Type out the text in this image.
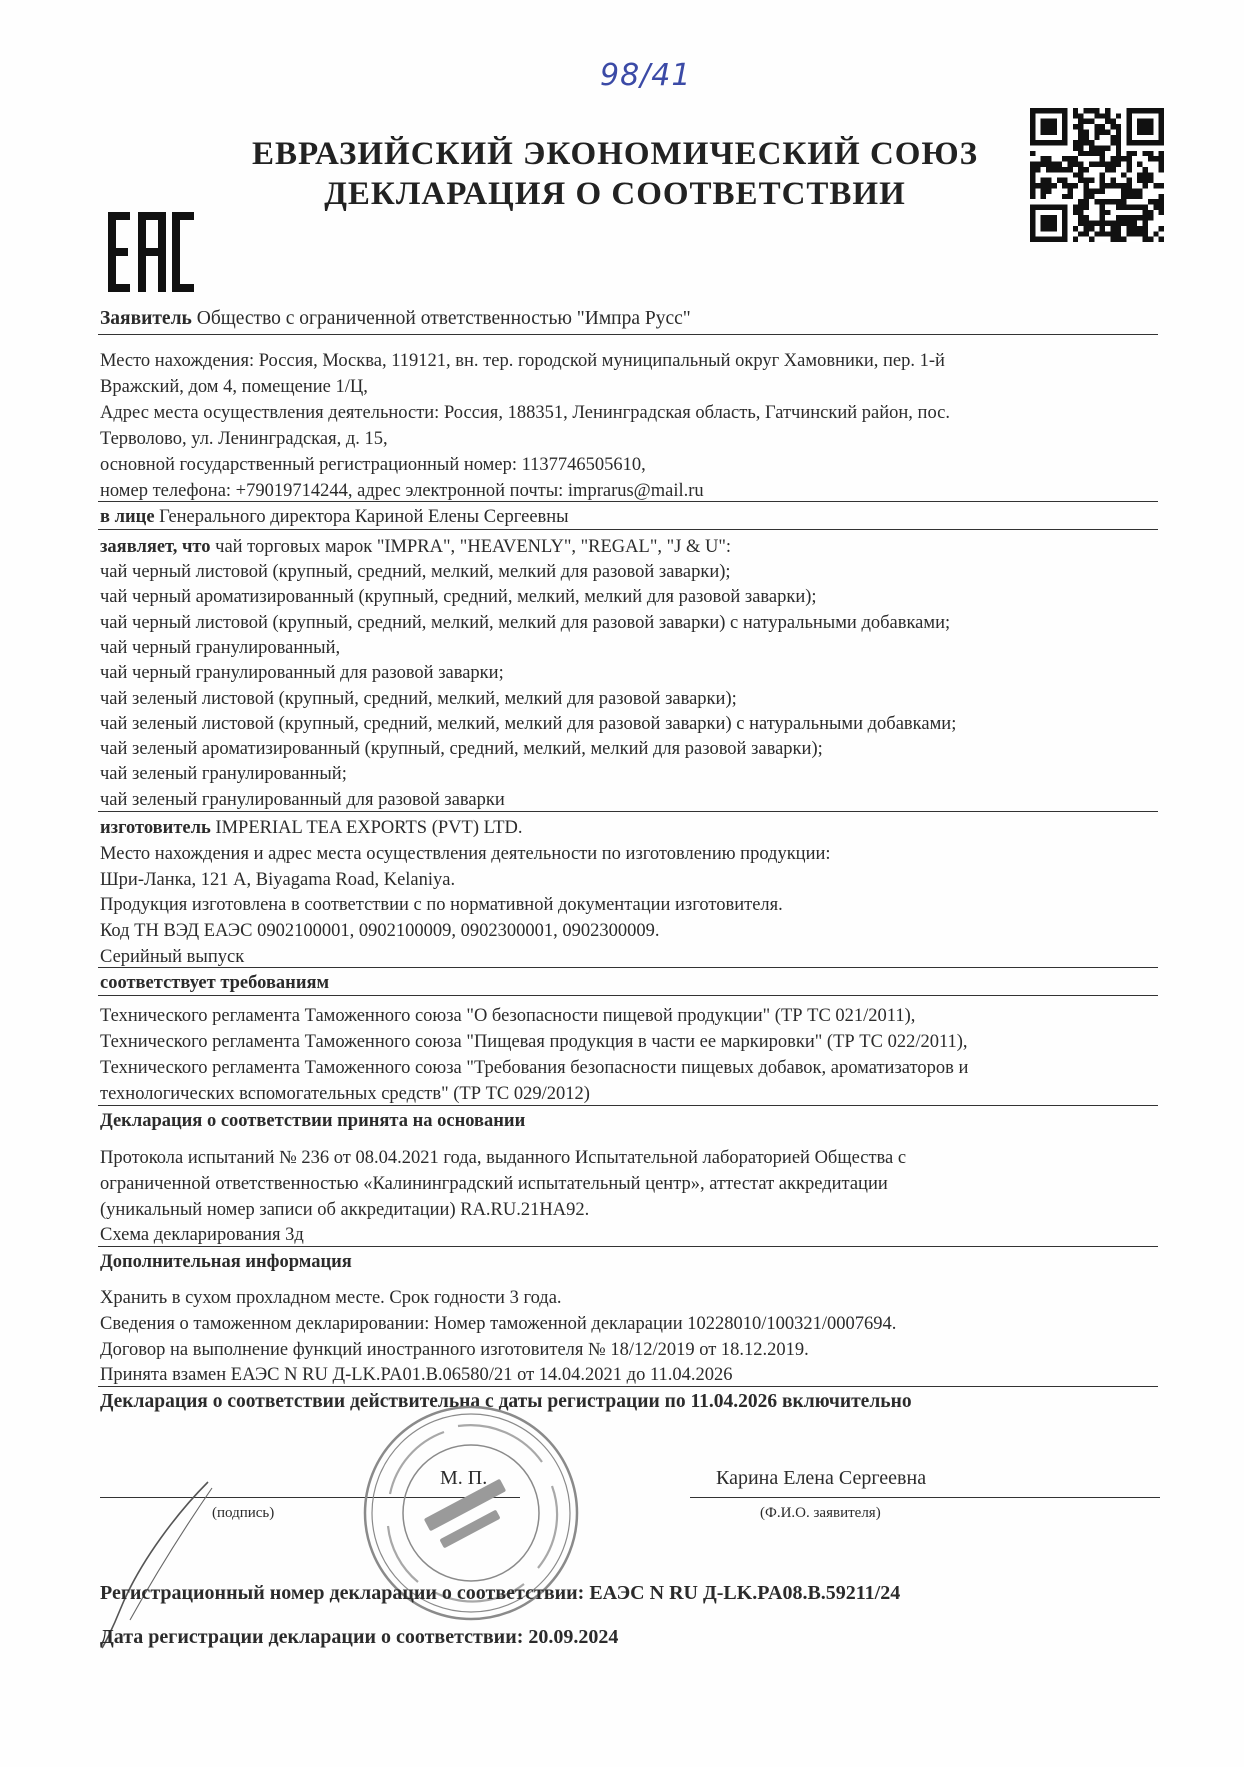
98/41
ЕВРАЗИЙСКИЙ ЭКОНОМИЧЕСКИЙ СОЮЗ
ДЕКЛАРАЦИЯ О СООТВЕТСТВИИ
Заявитель Общество с ограниченной ответственностью "Импра Русс"
Место нахождения: Россия, Москва, 119121, вн. тер. городской муниципальный округ Хамовники, пер. 1-й
Вражский, дом 4, помещение 1/Ц,
Адрес места осуществления деятельности: Россия, 188351, Ленинградская область, Гатчинский район, пос.
Терволово, ул. Ленинградская, д. 15,
основной государственный регистрационный номер: 1137746505610,
номер телефона: +79019714244, адрес электронной почты: imprarus@mail.ru
в лице Генерального директора Кариной Елены Сергеевны
заявляет, что чай торговых марок "IMPRA", "HEAVENLY", "REGAL", "J & U":
чай черный листовой (крупный, средний, мелкий, мелкий для разовой заварки);
чай черный ароматизированный (крупный, средний, мелкий, мелкий для разовой заварки);
чай черный листовой (крупный, средний, мелкий, мелкий для разовой заварки) с натуральными добавками;
чай черный гранулированный,
чай черный гранулированный для разовой заварки;
чай зеленый листовой (крупный, средний, мелкий, мелкий для разовой заварки);
чай зеленый листовой (крупный, средний, мелкий, мелкий для разовой заварки) с натуральными добавками;
чай зеленый ароматизированный (крупный, средний, мелкий, мелкий для разовой заварки);
чай зеленый гранулированный;
чай зеленый гранулированный для разовой заварки
изготовитель IMPERIAL TEA EXPORTS (PVT) LTD.
Место нахождения и адрес места осуществления деятельности по изготовлению продукции:
Шри-Ланка, 121 A, Biyagama Road, Kelaniya.
Продукция изготовлена в соответствии с по нормативной документации изготовителя.
Код ТН ВЭД ЕАЭС 0902100001, 0902100009, 0902300001, 0902300009.
Серийный выпуск
соответствует требованиям
Технического регламента Таможенного союза "О безопасности пищевой продукции" (ТР ТС 021/2011),
Технического регламента Таможенного союза "Пищевая продукция в части ее маркировки" (ТР ТС 022/2011),
Технического регламента Таможенного союза "Требования безопасности пищевых добавок, ароматизаторов и
технологических вспомогательных средств" (ТР ТС 029/2012)
Декларация о соответствии принята на основании
Протокола испытаний № 236 от 08.04.2021 года, выданного Испытательной лабораторией Общества с
ограниченной ответственностью «Калининградский испытательный центр», аттестат аккредитации
(уникальный номер записи об аккредитации) RA.RU.21HA92.
Схема декларирования 3д
Дополнительная информация
Хранить в сухом прохладном месте. Срок годности 3 года.
Сведения о таможенном декларировании: Номер таможенной декларации 10228010/100321/0007694.
Договор на выполнение функций иностранного изготовителя № 18/12/2019 от 18.12.2019.
Принята взамен ЕАЭС N RU Д-LK.PA01.B.06580/21 от 14.04.2021 до 11.04.2026
Декларация о соответствии действительна с даты регистрации по 11.04.2026 включительно
М. П.	Карина Елена Сергеевна
(подпись)	(Ф.И.О. заявителя)
Регистрационный номер декларации о соответствии: ЕАЭС N RU Д-LK.PA08.B.59211/24
Дата регистрации декларации о соответствии: 20.09.2024
